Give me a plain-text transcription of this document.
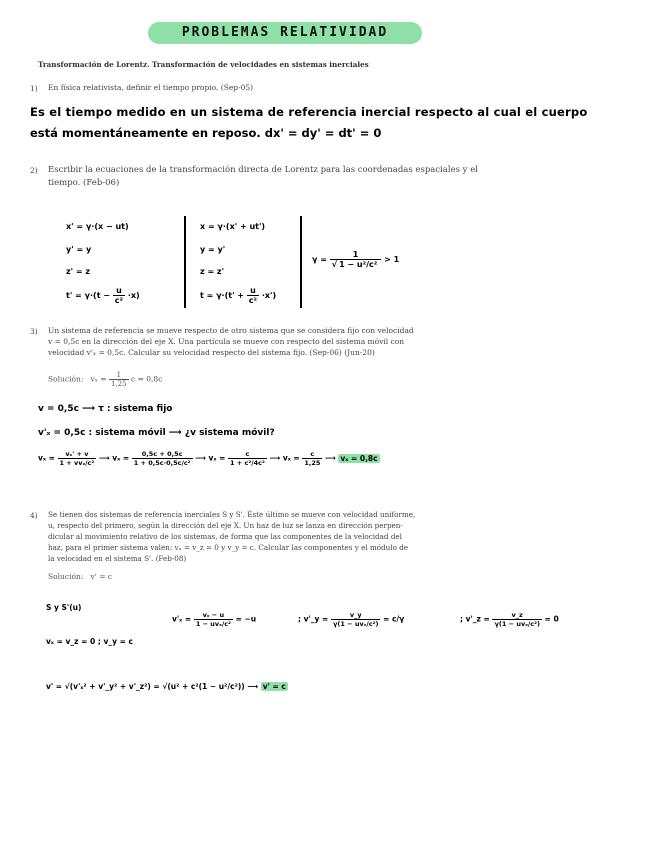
PROBLEMAS RELATIVIDAD
Transformación de Lorentz. Transformación de velocidades en sistemas inerciales
1) En física relativista, definir el tiempo propio. (Sep-05)
Es el tiempo medido en un sistema de referencia inercial respecto al cual el cuerpo
está momentáneamente en reposo. dx' = dy' = dt' = 0
2) Escribir la ecuaciones de la transformación directa de Lorentz para las coordenadas espaciales y el
tiempo. (Feb-06)
x' = γ·(x − ut)
y' = y
z' = z
$t' = \gamma\cdot(t - \frac{u}{\text{c²}} \cdot x)$
x = γ·(x' + ut')
y = y'
z = z'
$t = \gamma\cdot(t' + \frac{u}{\text{c²}} \cdot x')$
$\gamma = \frac{1}{\text{√ 1 − u²/c²}} > 1$
3) Un sistema de referencia se mueve respecto de otro sistema que se considera fijo con velocidad
v = 0,5c en la dirección del eje X. Una partícula se mueve con respecto del sistema móvil con
velocidad v'ₓ = 0,5c. Calcular su velocidad respecto del sistema fijo. (Sep-06) (Jun-20)
Solución: $v_x = \frac{1}{1,25}$ c = 0,8c
v = 0,5c ⟶ τ : sistema fijo
v'ₓ = 0,5c : sistema móvil ⟶ ¿v sistema móvil?
$v_x = \frac{\text{vₓ' + v}}{\text{1 + vvₓ/c²}}$ ⟶ $v_x = \frac{0,5c + 0,5c}{\text{1 + 0,5c·0,5c/c²}}$ ⟶ $v_x = \frac{c}{\text{1 + c²/4c²}}$ ⟶ $v_x = \frac{c}{1,25}$ ⟶ vₓ = 0,8c
4) Se tienen dos sistemas de referencia inerciales S y S'. Éste último se mueve con velocidad uniforme,
u, respecto del primero, según la dirección del eje X. Un haz de luz se lanza en dirección perpen-
dicular al movimiento relativo de los sistemas, de forma que las componentes de la velocidad del
haz, para el primer sistema valen: vₓ = v_z = 0 y v_y = c. Calcular las componentes y el módulo de
la velocidad en el sistema S'. (Feb-08)
Solución: v' = c
S y S'(u)
vₓ = v_z = 0 ; v_y = c
$v'_x = \frac{\text{vₓ − u}}{\text{1 − uvₓ/c²}} = -u$	; v'_y = $\frac{v\_y}{\text{γ(1 − uvₓ/c²)}} = c/\gamma$	; v'_z = $\frac{v\_z}{\text{γ(1 − uvₓ/c²)}} = 0$
v' = √(v'ₓ² + v'_y² + v'_z²) = √(u² + c²(1 − u²/c²)) ⟶ v' = c
